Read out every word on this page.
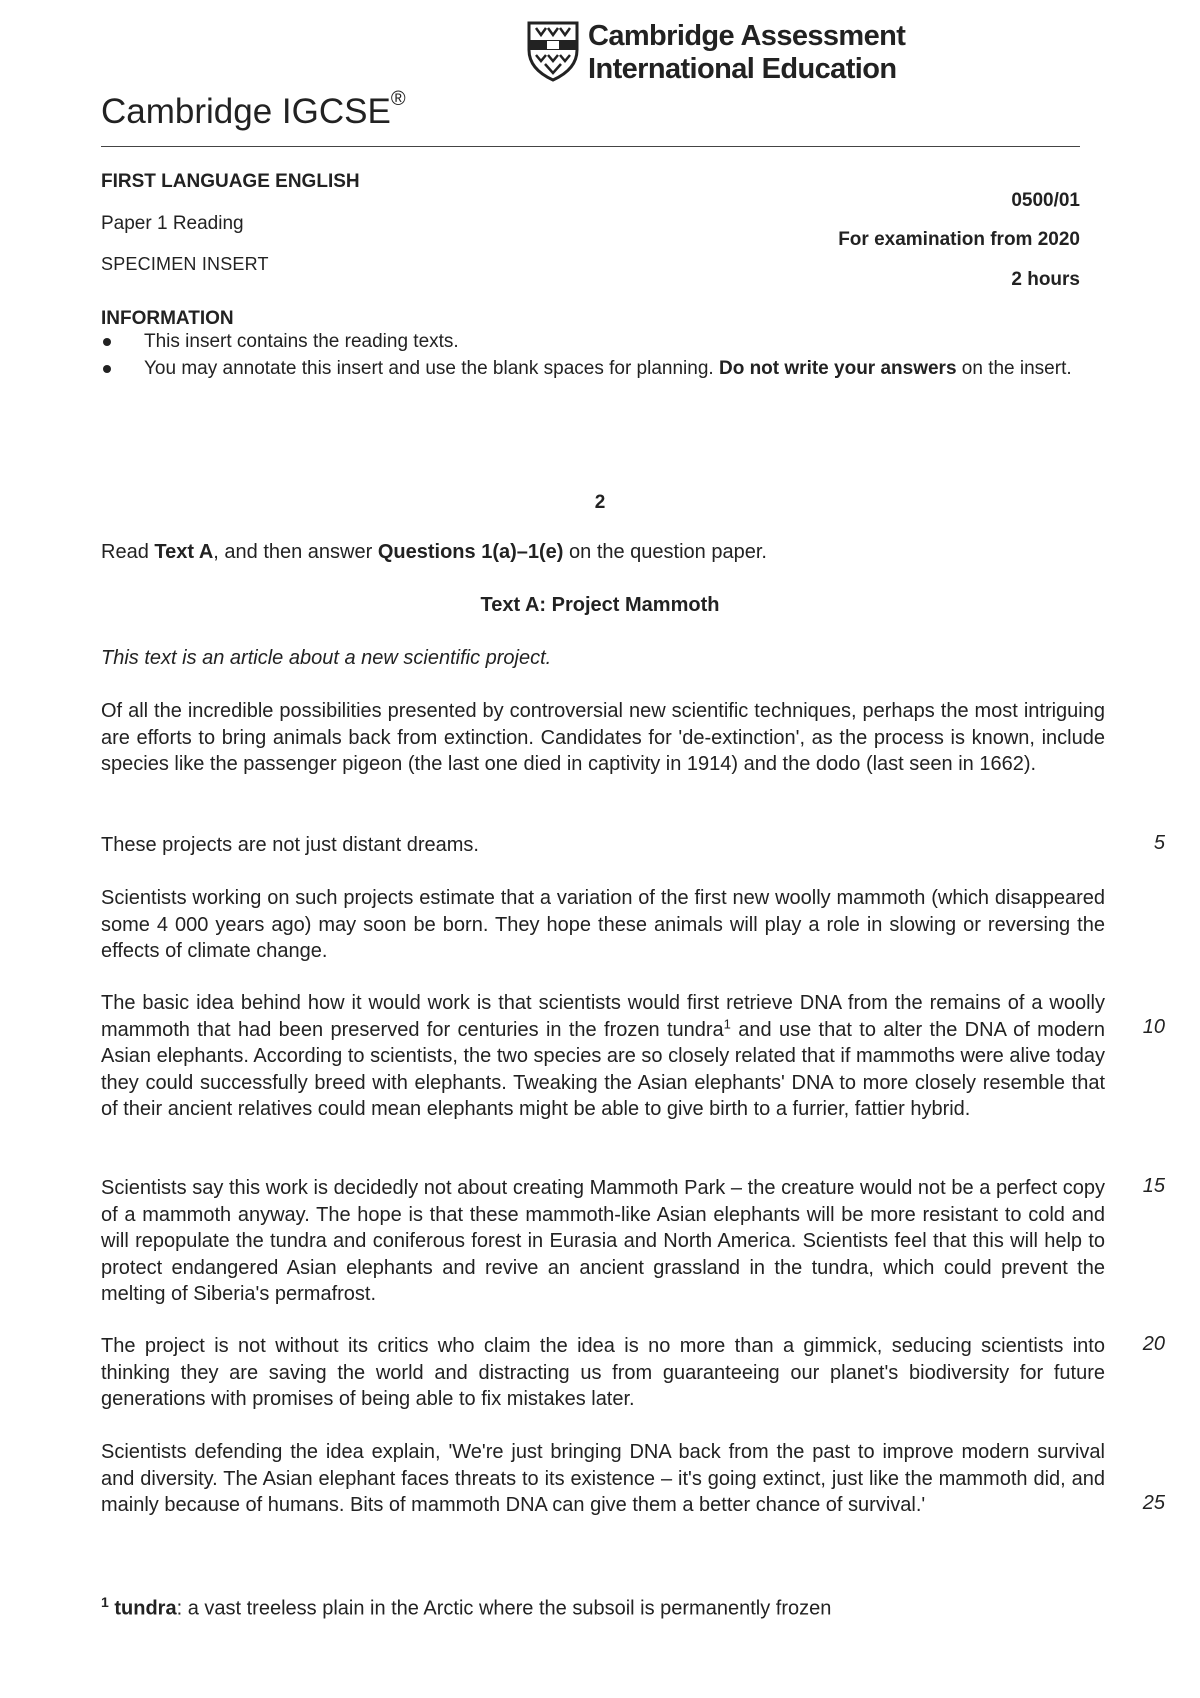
Cambridge Assessment
International Education
Cambridge IGCSE®
FIRST LANGUAGE ENGLISH
Paper 1 Reading
SPECIMEN INSERT
0500/01
For examination from 2020
2 hours
INFORMATION
This insert contains the reading texts.
You may annotate this insert and use the blank spaces for planning. Do not write your answers on the insert.
2
Read Text A, and then answer Questions 1(a)–1(e) on the question paper.
Text A: Project Mammoth
This text is an article about a new scientific project.

Of all the incredible possibilities presented by controversial new scientific techniques, perhaps the most intriguing are efforts to bring animals back from extinction. Candidates for 'de-extinction', as the process is known, include species like the passenger pigeon (the last one died in captivity in 1914) and the dodo (last seen in 1662).

These projects are not just distant dreams.

Scientists working on such projects estimate that a variation of the first new woolly mammoth (which disappeared some 4 000 years ago) may soon be born. They hope these animals will play a role in slowing or reversing the effects of climate change.

The basic idea behind how it would work is that scientists would first retrieve DNA from the remains of a woolly mammoth that had been preserved for centuries in the frozen tundra$^1$ and use that to alter the DNA of modern Asian elephants. According to scientists, the two species are so closely related that if mammoths were alive today they could successfully breed with elephants. Tweaking the Asian elephants' DNA to more closely resemble that of their ancient relatives could mean elephants might be able to give birth to a furrier, fattier hybrid.

Scientists say this work is decidedly not about creating Mammoth Park – the creature would not be a perfect copy of a mammoth anyway. The hope is that these mammoth-like Asian elephants will be more resistant to cold and will repopulate the tundra and coniferous forest in Eurasia and North America. Scientists feel that this will help to protect endangered Asian elephants and revive an ancient grassland in the tundra, which could prevent the melting of Siberia's permafrost.

The project is not without its critics who claim the idea is no more than a gimmick, seducing scientists into thinking they are saving the world and distracting us from guaranteeing our planet's biodiversity for future generations with promises of being able to fix mistakes later.

Scientists defending the idea explain, 'We're just bringing DNA back from the past to improve modern survival and diversity. The Asian elephant faces threats to its existence – it's going extinct, just like the mammoth did, and mainly because of humans. Bits of mammoth DNA can give them a better chance of survival.'

5
10
15
20
25
$^1$ tundra: a vast treeless plain in the Arctic where the subsoil is permanently frozen
